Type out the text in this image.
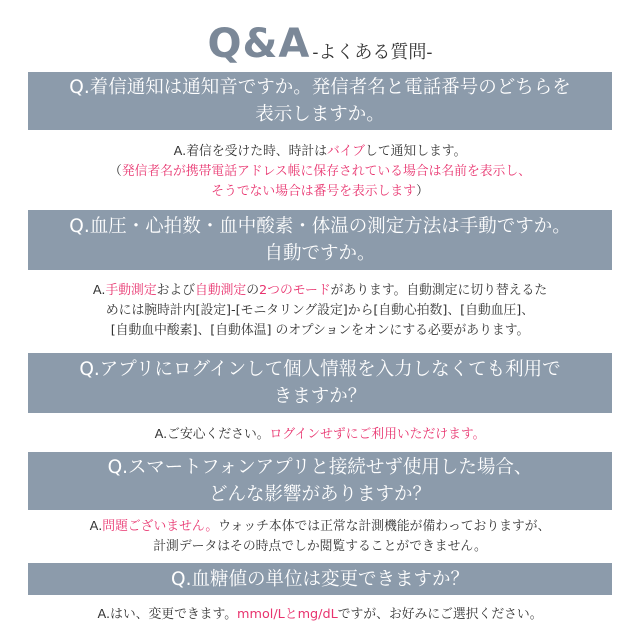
Q&A -よくある質問-
Q.着信通知は通知音ですか。発信者名と電話番号のどちらを
表示しますか。
A.着信を受けた時、時計はバイブして通知します。
（発信者名が携帯電話アドレス帳に保存されている場合は名前を表示し、
そうでない場合は番号を表示します）
Q.血圧・心拍数・血中酸素・体温の測定方法は手動ですか。
自動ですか。
A.手動測定および自動測定の2つのモードがあります。自動測定に切り替えるた
めには腕時計内[設定]-[モニタリング設定]から[自動心拍数]、[自動血圧]、
[自動血中酸素]、[自動体温] のオプションをオンにする必要があります。
Q.アプリにログインして個人情報を入力しなくても利用で
きますか？
A.ご安心ください。ログインせずにご利用いただけます。
Q.スマートフォンアプリと接続せず使用した場合、
どんな影響がありますか？
A.問題ございません。ウォッチ本体では正常な計測機能が備わっておりますが、
計測データはその時点でしか閲覧することができません。
Q.血糖値の単位は変更できますか？
A.はい、変更できます。mmol/Lとmg/dLですが、お好みにご選択ください。
